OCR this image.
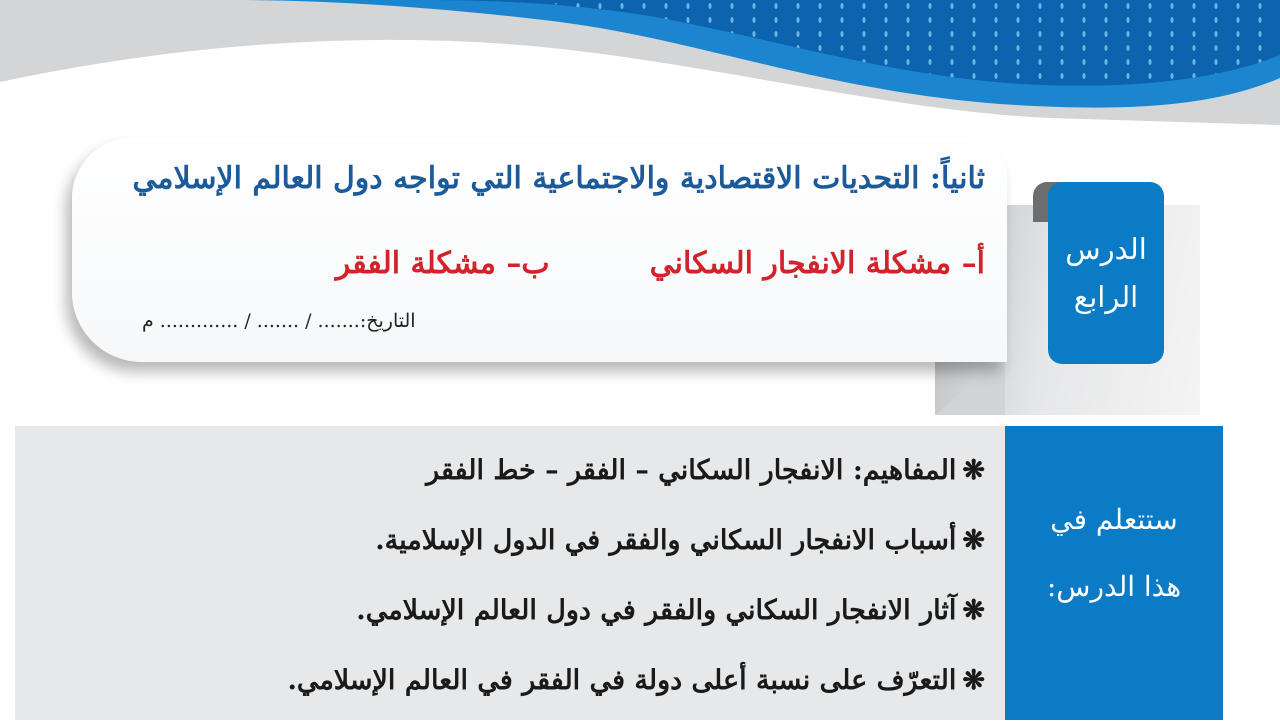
ثانياً: التحديات الاقتصادية والاجتماعية التي تواجه دول العالم الإسلامي
أ– مشكلة الانفجار السكاني
ب– مشكلة الفقر
التاريخ:....... / ....... / ............. م
الدرس
الرابع
❋المفاهيم: الانفجار السكاني – الفقر – خط الفقر
❋أسباب الانفجار السكاني والفقر في الدول الإسلامية.
❋آثار الانفجار السكاني والفقر في دول العالم الإسلامي.
❋التعرّف على نسبة أعلى دولة في الفقر في العالم الإسلامي.
ستتعلم في
هذا الدرس:
